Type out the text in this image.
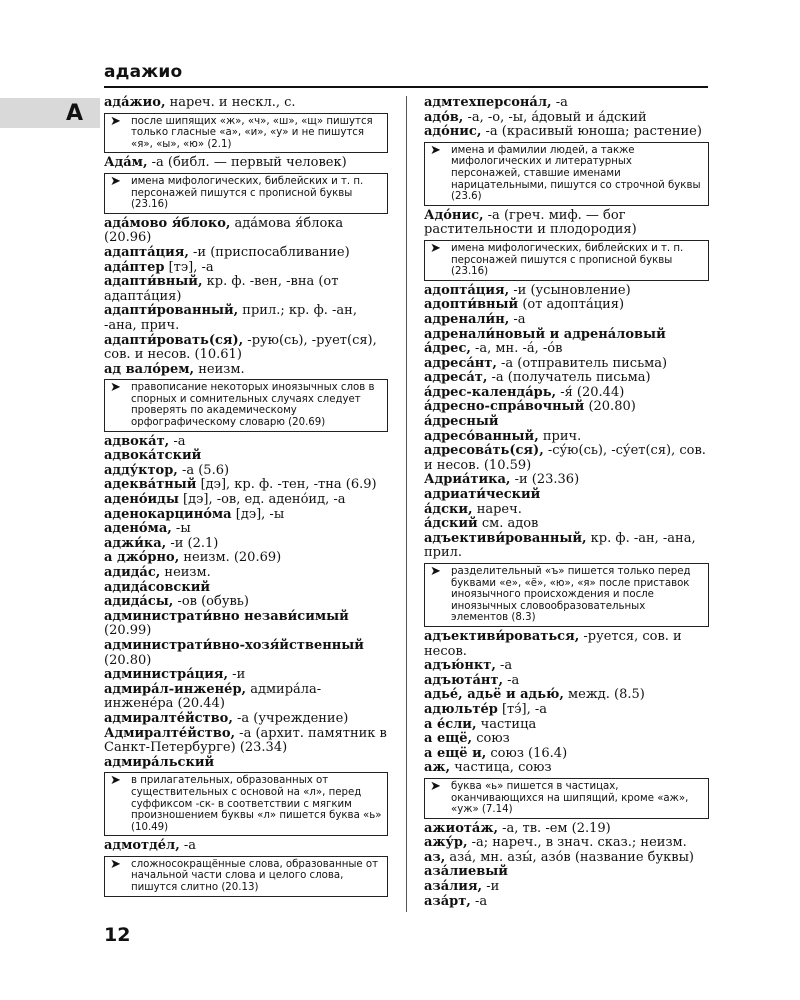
адажио
А ада́жио, нареч. и нескл., с.

➤ после шипящих «ж», «ч», «ш», «щ» пишутся только гласные «а», «и», «у» и не пишутся «я», «ы», «ю» (2.1)

Ада́м, -а (библ. — первый человек)

➤ имена мифологических, библейских и т. п. персонажей пишутся с прописной буквы (23.16)

ада́мово я́блоко, ада́мова я́блока (20.96)

адапта́ция, -и (приспосабливание)

ада́птер [тэ], -а

адапти́вный, кр. ф. -вен, -вна (от адапта́ция)

адапти́рованный, прил.; кр. ф. -ан, -ана, прич.

адапти́ровать(ся), -рую(сь), -рует(ся), сов. и несов. (10.61)

ад валóрем, неизм.

➤ правописание некоторых иноязычных слов в спорных и сомнительных случаях следует проверять по академическому орфографическому словарю (20.69)

адвока́т, -а

адвока́тский

адду́ктор, -а (5.6)

адеква́тный [дэ], кр. ф. -тен, -тна (6.9)

адено́иды [дэ], -ов, ед. адено́ид, -а

аденокарцинóма [дэ], -ы

аденóма, -ы

аджи́ка, -и (2.1)

а джóрно, неизм. (20.69)

адида́с, неизм.

адида́совский

адида́сы, -ов (обувь)

администрати́вно незави́симый (20.99)

администрати́вно-хозя́йственный (20.80)

администра́ция, -и

адмира́л-инжене́р, адмира́ла-инжене́ра (20.44)

адмиралте́йство, -а (учреждение)

Адмиралте́йство, -а (архит. памятник в Санкт-Петербурге) (23.34)

адмира́льский

➤ в прилагательных, образованных от существительных с основой на «л», перед суффиксом -ск- в соответствии с мягким произношением буквы «л» пишется буква «ь» (10.49)

адмотде́л, -а

➤ сложносокращённые слова, образованные от начальной части слова и целого слова, пишутся слитно (20.13)

адмтехперсона́л, -а

адо́в, -а, -о, -ы, а́довый и а́дский

адо́нис, -а (красивый юноша; растение)

➤ имена и фамилии людей, а также мифологических и литературных персонажей, ставшие именами нарицательными, пишутся со строчной буквы (23.6)

Адо́нис, -а (греч. миф. — бог растительности и плодородия)

➤ имена мифологических, библейских и т. п. персонажей пишутся с прописной буквы (23.16)

адопта́ция, -и (усыновление)

адопти́вный (от адопта́ция)

адренали́н, -а

адренали́новый и адренáловый

а́дрес, -а, мн. -á, -óв

адреса́нт, -а (отправитель письма)

адреса́т, -а (получатель письма)

а́дрес-календа́рь, -я́ (20.44)

а́дресно-спра́вочный (20.80)

а́дресный

адресо́ванный, прич.

адресова́ть(ся), -су́ю(сь), -су́ет(ся), сов. и несов. (10.59)

Адриа́тика, -и (23.36)

адриати́ческий

а́дски, нареч.

а́дский см. адов

адъективи́рованный, кр. ф. -ан, -ана, прил.

➤ разделительный «ъ» пишется только перед буквами «е», «ё», «ю», «я» после приставок иноязычного происхождения и после иноязычных словообразовательных элементов (8.3)

адъективи́роваться, -руется, сов. и несов.

адъю́нкт, -а

адъюта́нт, -а

адье́, адьё и адью́, межд. (8.5)

адюльте́р [тэ́], -а

а е́сли, частица

а ещё, союз

а ещё и, союз (16.4)

аж, частица, союз

➤ буква «ь» пишется в частицах, оканчивающихся на шипящий, кроме «аж», «уж» (7.14)

ажиота́ж, -а, тв. -ем (2.19)

ажу́р, -а; нареч., в знач. сказ.; неизм.

аз, аза́, мн. азы́, азо́в (название буквы)

аза́лиевый

аза́лия, -и

аза́рт, -а

12
